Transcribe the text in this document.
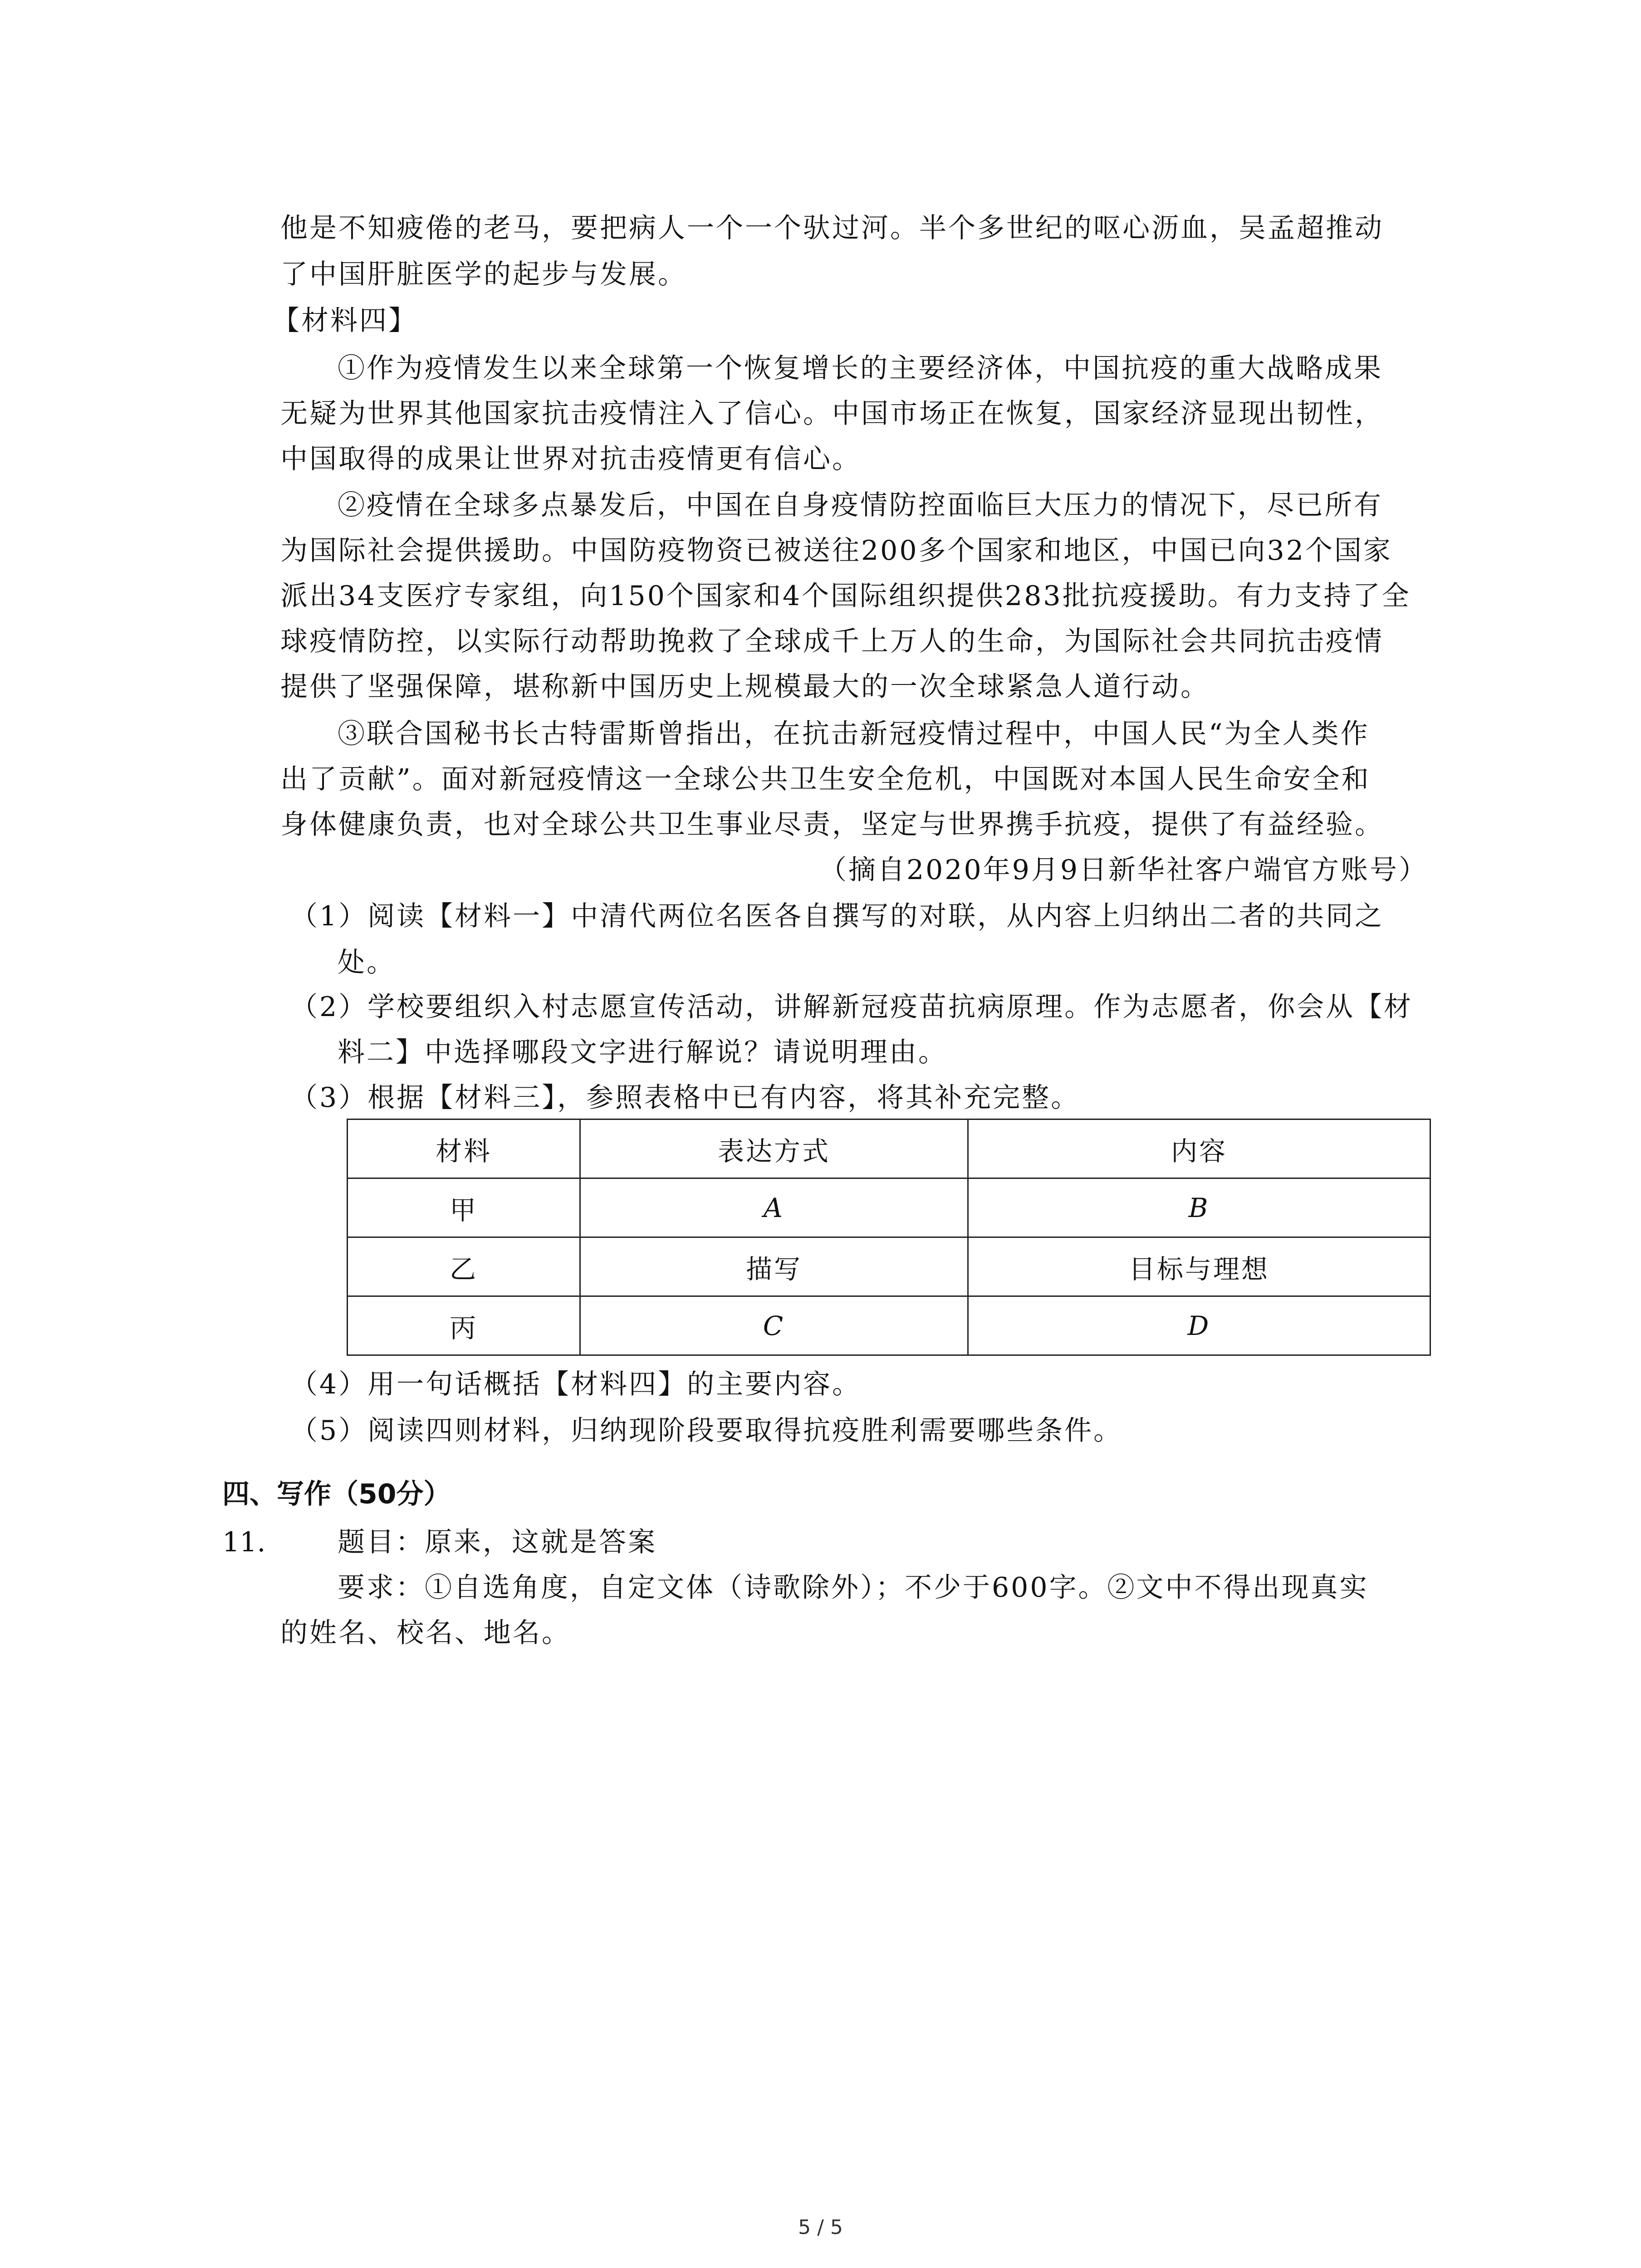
他是不知疲倦的老马，要把病人一个一个驮过河。半个多世纪的呕心沥血，吴孟超推动
了中国肝脏医学的起步与发展。
【材料四】
①作为疫情发生以来全球第一个恢复增长的主要经济体，中国抗疫的重大战略成果
无疑为世界其他国家抗击疫情注入了信心。中国市场正在恢复，国家经济显现出韧性，
中国取得的成果让世界对抗击疫情更有信心。
②疫情在全球多点暴发后，中国在自身疫情防控面临巨大压力的情况下，尽已所有
为国际社会提供援助。中国防疫物资已被送往200多个国家和地区，中国已向32个国家
派出34支医疗专家组，向150个国家和4个国际组织提供283批抗疫援助。有力支持了全
球疫情防控，以实际行动帮助挽救了全球成千上万人的生命，为国际社会共同抗击疫情
提供了坚强保障，堪称新中国历史上规模最大的一次全球紧急人道行动。
③联合国秘书长古特雷斯曾指出，在抗击新冠疫情过程中，中国人民“为全人类作
出了贡献”。面对新冠疫情这一全球公共卫生安全危机，中国既对本国人民生命安全和
身体健康负责，也对全球公共卫生事业尽责，坚定与世界携手抗疫，提供了有益经验。
（摘自2020年9月9日新华社客户端官方账号）
（1）阅读【材料一】中清代两位名医各自撰写的对联，从内容上归纳出二者的共同之
处。
（2）学校要组织入村志愿宣传活动，讲解新冠疫苗抗病原理。作为志愿者，你会从【材
料二】中选择哪段文字进行解说？请说明理由。
（3）根据【材料三】，参照表格中已有内容，将其补充完整。
材料	表达方式	内容
甲	A	B
乙	描写	目标与理想
丙	C	D
（4）用一句话概括【材料四】的主要内容。
（5）阅读四则材料，归纳现阶段要取得抗疫胜利需要哪些条件。
四、写作（50分）
11.	题目：原来，这就是答案
要求：①自选角度，自定文体（诗歌除外）；不少于600字。②文中不得出现真实
的姓名、校名、地名。
5 / 5
